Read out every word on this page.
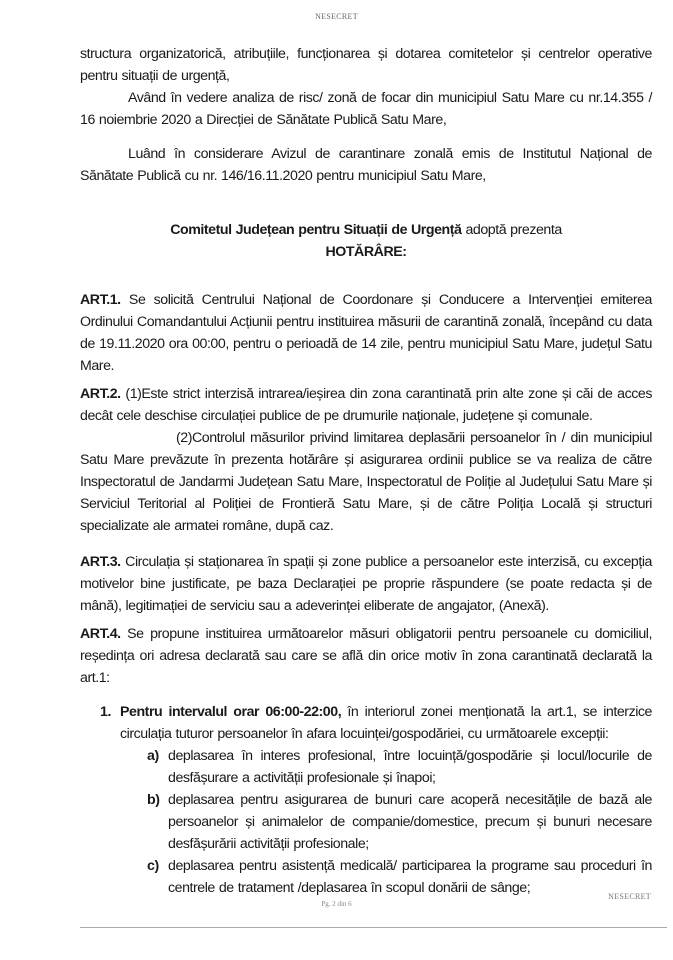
NESECRET

structura organizatorică, atribuțiile, funcționarea și dotarea comitetelor și centrelor operative pentru situații de urgență,

Având în vedere analiza de risc/ zonă de focar din municipiul Satu Mare cu nr.14.355 / 16 noiembrie 2020 a Direcției de Sănătate Publică Satu Mare,

Luând în considerare Avizul de carantinare zonală emis de Institutul Național de Sănătate Publică cu nr. 146/16.11.2020 pentru municipiul Satu Mare,

Comitetul Județean pentru Situații de Urgență adoptă prezenta

HOTĂRÂRE:

ART.1. Se solicită Centrului Național de Coordonare și Conducere a Intervenției emiterea Ordinului Comandantului Acțiunii pentru instituirea măsurii de carantină zonală, începând cu data de 19.11.2020 ora 00:00, pentru o perioadă de 14 zile, pentru municipiul Satu Mare, județul Satu Mare.

ART.2. (1)Este strict interzisă intrarea/ieșirea din zona carantinată prin alte zone și căi de acces decât cele deschise circulației publice de pe drumurile naționale, județene și comunale.

(2)Controlul măsurilor privind limitarea deplasării persoanelor în / din municipiul Satu Mare prevăzute în prezenta hotărâre și asigurarea ordinii publice se va realiza de către Inspectoratul de Jandarmi Județean Satu Mare, Inspectoratul de Poliție al Județului Satu Mare și Serviciul Teritorial al Poliției de Frontieră Satu Mare, și de către Poliția Locală și structuri specializate ale armatei române, după caz.

ART.3. Circulația și staționarea în spații și zone publice a persoanelor este interzisă, cu excepția motivelor bine justificate, pe baza Declarației pe proprie răspundere (se poate redacta și de mână), legitimației de serviciu sau a adeverinței eliberate de angajator, (Anexă).

ART.4. Se propune instituirea următoarelor măsuri obligatorii pentru persoanele cu domiciliul, reședința ori adresa declarată sau care se află din orice motiv în zona carantinată declarată la art.1:

1. Pentru intervalul orar 06:00-22:00, în interiorul zonei menționată la art.1, se interzice circulația tuturor persoanelor în afara locuinței/gospodăriei, cu următoarele excepții:

a) deplasarea în interes profesional, între locuință/gospodărie și locul/locurile de desfășurare a activității profesionale și înapoi;

b) deplasarea pentru asigurarea de bunuri care acoperă necesitățile de bază ale persoanelor și animalelor de companie/domestice, precum și bunuri necesare desfășurării activității profesionale;

c) deplasarea pentru asistență medicală/ participarea la programe sau proceduri în centrele de tratament /deplasarea în scopul donării de sânge;

NESECRET
Pg. 2 din 6
